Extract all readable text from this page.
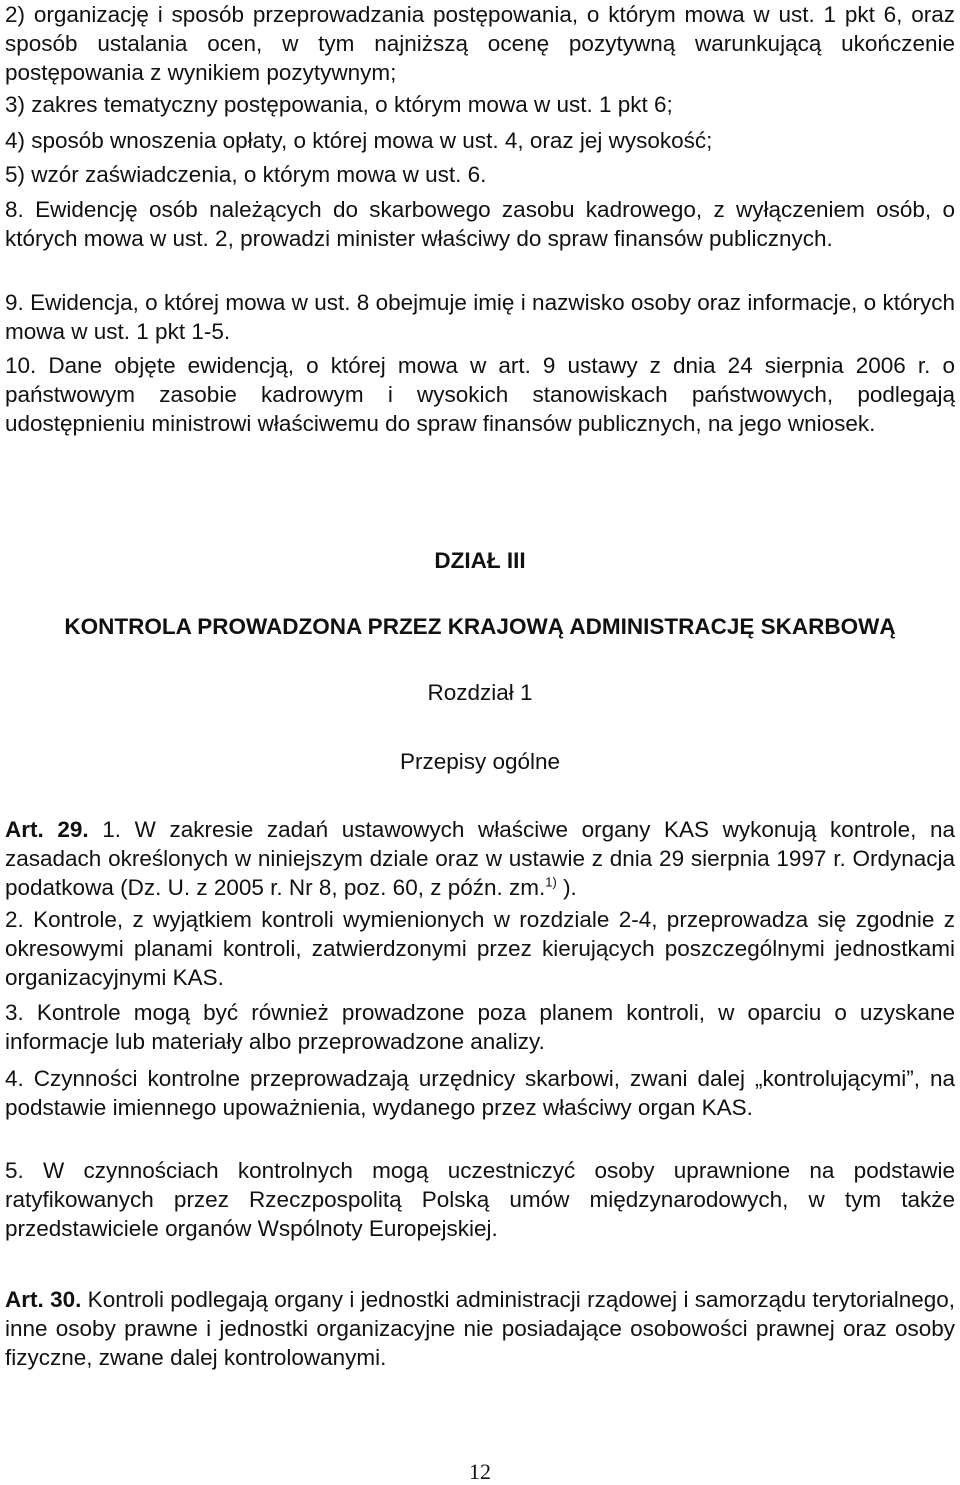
2) organizację i sposób przeprowadzania postępowania, o którym mowa w ust. 1 pkt 6, oraz sposób ustalania ocen, w tym najniższą ocenę pozytywną warunkującą ukończenie postępowania z wynikiem pozytywnym;

3) zakres tematyczny postępowania, o którym mowa w ust. 1 pkt 6;

4) sposób wnoszenia opłaty, o której mowa w ust. 4, oraz jej wysokość;

5) wzór zaświadczenia, o którym mowa w ust. 6.

8. Ewidencję osób należących do skarbowego zasobu kadrowego, z wyłączeniem osób, o których mowa w ust. 2, prowadzi minister właściwy do spraw finansów publicznych.

9. Ewidencja, o której mowa w ust. 8 obejmuje imię i nazwisko osoby oraz informacje, o których mowa w ust. 1 pkt 1-5.

10. Dane objęte ewidencją, o której mowa w art. 9 ustawy z dnia 24 sierpnia 2006 r. o państwowym zasobie kadrowym i wysokich stanowiskach państwowych, podlegają udostępnieniu ministrowi właściwemu do spraw finansów publicznych, na jego wniosek.

DZIAŁ III

KONTROLA PROWADZONA PRZEZ KRAJOWĄ ADMINISTRACJĘ SKARBOWĄ

Rozdział 1

Przepisy ogólne

Art. 29. 1. W zakresie zadań ustawowych właściwe organy KAS wykonują kontrole, na zasadach określonych w niniejszym dziale oraz w ustawie z dnia 29 sierpnia 1997 r. Ordynacja podatkowa (Dz. U. z 2005 r. Nr 8, poz. 60, z późn. zm.$^{1)}$ ).

2. Kontrole, z wyjątkiem kontroli wymienionych w rozdziale 2-4, przeprowadza się zgodnie z okresowymi planami kontroli, zatwierdzonymi przez kierujących poszczególnymi jednostkami organizacyjnymi KAS.

3. Kontrole mogą być również prowadzone poza planem kontroli, w oparciu o uzyskane informacje lub materiały albo przeprowadzone analizy.

4. Czynności kontrolne przeprowadzają urzędnicy skarbowi, zwani dalej „kontrolującymi”, na podstawie imiennego upoważnienia, wydanego przez właściwy organ KAS.

5. W czynnościach kontrolnych mogą uczestniczyć osoby uprawnione na podstawie ratyfikowanych przez Rzeczpospolitą Polską umów międzynarodowych, w tym także przedstawiciele organów Wspólnoty Europejskiej.

Art. 30. Kontroli podlegają organy i jednostki administracji rządowej i samorządu terytorialnego, inne osoby prawne i jednostki organizacyjne nie posiadające osobowości prawnej oraz osoby fizyczne, zwane dalej kontrolowanymi.

12
